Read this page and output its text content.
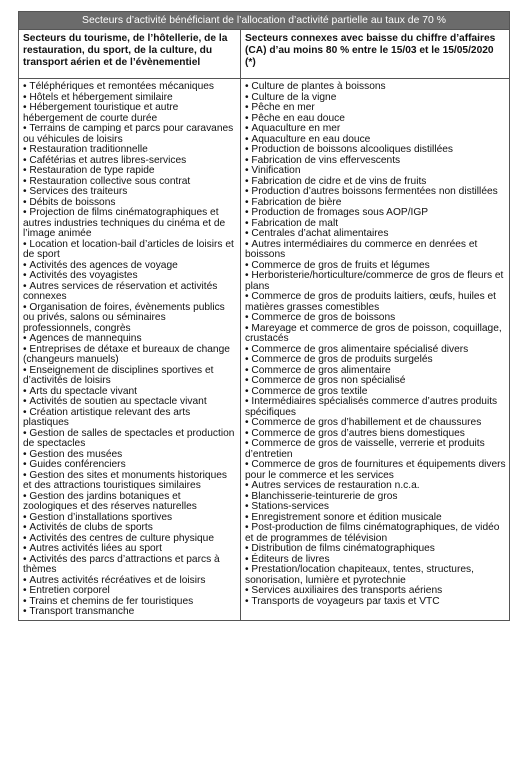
Secteurs d’activité bénéficiant de l’allocation d’activité partielle au taux de 70 %
Secteurs du tourisme, de l’hôtellerie, de la restauration, du sport, de la culture, du transport aérien et de l’évènementiel
• Téléphériques et remontées mécaniques
• Hôtels et hébergement similaire
• Hébergement touristique et autre hébergement de courte durée
• Terrains de camping et parcs pour caravanes ou véhicules de loisirs
• Restauration traditionnelle
• Cafétérias et autres libres-services
• Restauration de type rapide
• Restauration collective sous contrat
• Services des traiteurs
• Débits de boissons
• Projection de films cinématographiques et autres industries techniques du cinéma et de l’image animée
• Location et location-bail d’articles de loisirs et de sport
• Activités des agences de voyage
• Activités des voyagistes
• Autres services de réservation et activités connexes
• Organisation de foires, évènements publics ou privés, salons ou séminaires professionnels, congrès
• Agences de mannequins
• Entreprises de détaxe et bureaux de change (changeurs manuels)
• Enseignement de disciplines sportives et d’activités de loisirs
• Arts du spectacle vivant
• Activités de soutien au spectacle vivant
• Création artistique relevant des arts plastiques
• Gestion de salles de spectacles et production de spectacles
• Gestion des musées
• Guides conférenciers
• Gestion des sites et monuments historiques et des attractions touristiques similaires
• Gestion des jardins botaniques et zoologiques et des réserves naturelles
• Gestion d’installations sportives
• Activités de clubs de sports
• Activités des centres de culture physique
• Autres activités liées au sport
• Activités des parcs d’attractions et parcs à thèmes
• Autres activités récréatives et de loisirs
• Entretien corporel
• Trains et chemins de fer touristiques
• Transport transmanche
Secteurs connexes avec baisse du chiffre d’affaires (CA) d’au moins 80 % entre le 15/03 et le 15/05/2020 (*)
• Culture de plantes à boissons
• Culture de la vigne
• Pêche en mer
• Pêche en eau douce
• Aquaculture en mer
• Aquaculture en eau douce
• Production de boissons alcooliques distillées
• Fabrication de vins effervescents
• Vinification
• Fabrication de cidre et de vins de fruits
• Production d’autres boissons fermentées non distillées
• Fabrication de bière
• Production de fromages sous AOP/IGP
• Fabrication de malt
• Centrales d’achat alimentaires
• Autres intermédiaires du commerce en denrées et boissons
• Commerce de gros de fruits et légumes
• Herboristerie/horticulture/commerce de gros de fleurs et plans
• Commerce de gros de produits laitiers, œufs, huiles et matières grasses comestibles
• Commerce de gros de boissons
• Mareyage et commerce de gros de poisson, coquillage, crustacés
• Commerce de gros alimentaire spécialisé divers
• Commerce de gros de produits surgelés
• Commerce de gros alimentaire
• Commerce de gros non spécialisé
• Commerce de gros textile
• Intermédiaires spécialisés commerce d’autres produits spécifiques
• Commerce de gros d’habillement et de chaussures
• Commerce de gros d’autres biens domestiques
• Commerce de gros de vaisselle, verrerie et produits d’entretien
• Commerce de gros de fournitures et équipements divers pour le commerce et les services
• Autres services de restauration n.c.a.
• Blanchisserie-teinturerie de gros
• Stations-services
• Enregistrement sonore et édition musicale
• Post-production de films cinématographiques, de vidéo et de programmes de télévision
• Distribution de films cinématographiques
• Éditeurs de livres
• Prestation/location chapiteaux, tentes, structures, sonorisation, lumière et pyrotechnie
• Services auxiliaires des transports aériens
• Transports de voyageurs par taxis et VTC
